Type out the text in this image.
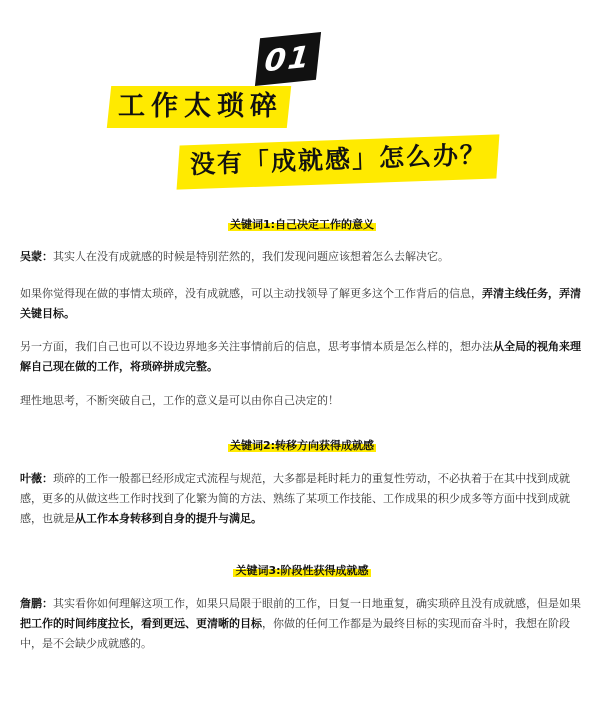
01
工作太琐碎
没有「成就感」怎么办？
关键词1:自己决定工作的意义

吴蒙：其实人在没有成就感的时候是特别茫然的，我们发现问题应该想着怎么去解决它。

如果你觉得现在做的事情太琐碎，没有成就感，可以主动找领导了解更多这个工作背后的信息，弄清主线任务，弄清关键目标。

另一方面，我们自己也可以不设边界地多关注事情前后的信息，思考事情本质是怎么样的，想办法从全局的视角来理解自己现在做的工作，将琐碎拼成完整。

理性地思考，不断突破自己，工作的意义是可以由你自己决定的！

关键词2:转移方向获得成就感

叶薇：琐碎的工作一般都已经形成定式流程与规范，大多都是耗时耗力的重复性劳动，不必执着于在其中找到成就感，更多的从做这些工作时找到了化繁为简的方法、熟练了某项工作技能、工作成果的积少成多等方面中找到成就感，也就是从工作本身转移到自身的提升与满足。

关键词3:阶段性获得成就感

詹鹏：其实看你如何理解这项工作，如果只局限于眼前的工作，日复一日地重复，确实琐碎且没有成就感，但是如果把工作的时间纬度拉长，看到更远、更清晰的目标，你做的任何工作都是为最终目标的实现而奋斗时，我想在阶段中，是不会缺少成就感的。
